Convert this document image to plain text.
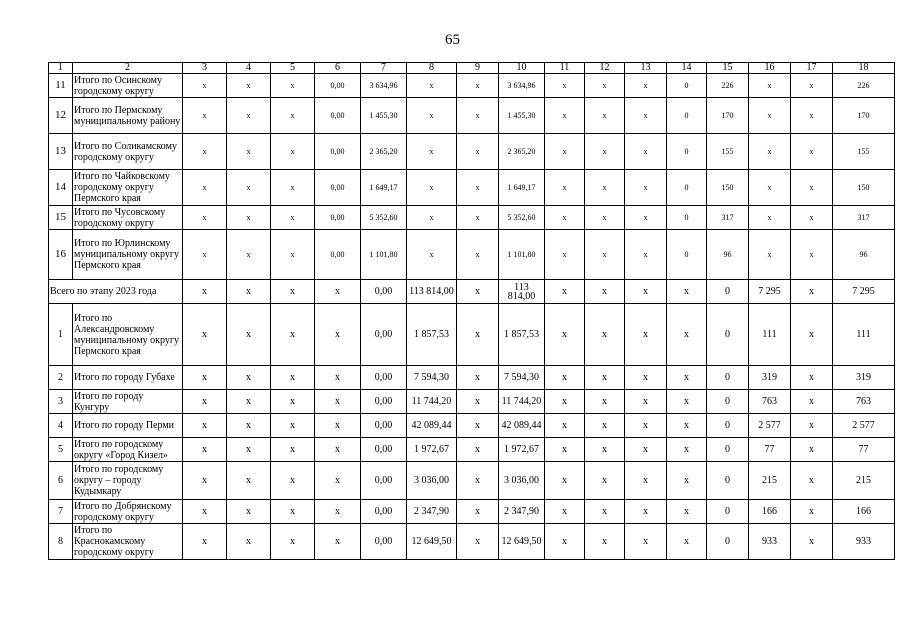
65
1	2	3	4	5	6	7	8	9	10	11	12	13	14	15	16	17	18
11	Итого по Осинскому городскому округу	x	x	x	0,00	3 634,96	x	x	3 634,96	x	x	x	0	226	x	x	226
12	Итого по Пермскому муниципальному району	x	x	x	0,00	1 455,30	x	x	1 455,30	x	x	x	0	170	x	x	170
13	Итого по Соликамскому городскому округу	x	x	x	0,00	2 365,20	x	x	2 365,20	x	x	x	0	155	x	x	155
14	Итого по Чайковскому городскому округу Пермского края	x	x	x	0,00	1 649,17	x	x	1 649,17	x	x	x	0	150	x	x	150
15	Итого по Чусовскому городскому округу	x	x	x	0,00	5 352,60	x	x	5 352,60	x	x	x	0	317	x	x	317
16	Итого по Юрлинскому муниципальному округу Пермского края	x	x	x	0,00	1 101,80	x	x	1 101,80	x	x	x	0	96	x	x	96
Всего по этапу 2023 года		x	x	x	x	0,00	113 814,00	x	113 814,00	x	x	x	x	0	7 295	x	7 295
1	Итого по Александровскому муниципальному округу Пермского края	x	x	x	x	0,00	1 857,53	x	1 857,53	x	x	x	x	0	111	x	111
2	Итого по городу Губахе	x	x	x	x	0,00	7 594,30	x	7 594,30	x	x	x	x	0	319	x	319
3	Итого по городу Кунгуру	x	x	x	x	0,00	11 744,20	x	11 744,20	x	x	x	x	0	763	x	763
4	Итого по городу Перми	x	x	x	x	0,00	42 089,44	x	42 089,44	x	x	x	x	0	2 577	x	2 577
5	Итого по городскому округу «Город Кизел»	x	x	x	x	0,00	1 972,67	x	1 972,67	x	x	x	x	0	77	x	77
6	Итого по городскому округу – городу Кудымкару	x	x	x	x	0,00	3 036,00	x	3 036,00	x	x	x	x	0	215	x	215
7	Итого по Добрянскому городскому округу	x	x	x	x	0,00	2 347,90	x	2 347,90	x	x	x	x	0	166	x	166
8	Итого по Краснокамскому городскому округу	x	x	x	x	0,00	12 649,50	x	12 649,50	x	x	x	x	0	933	x	933
